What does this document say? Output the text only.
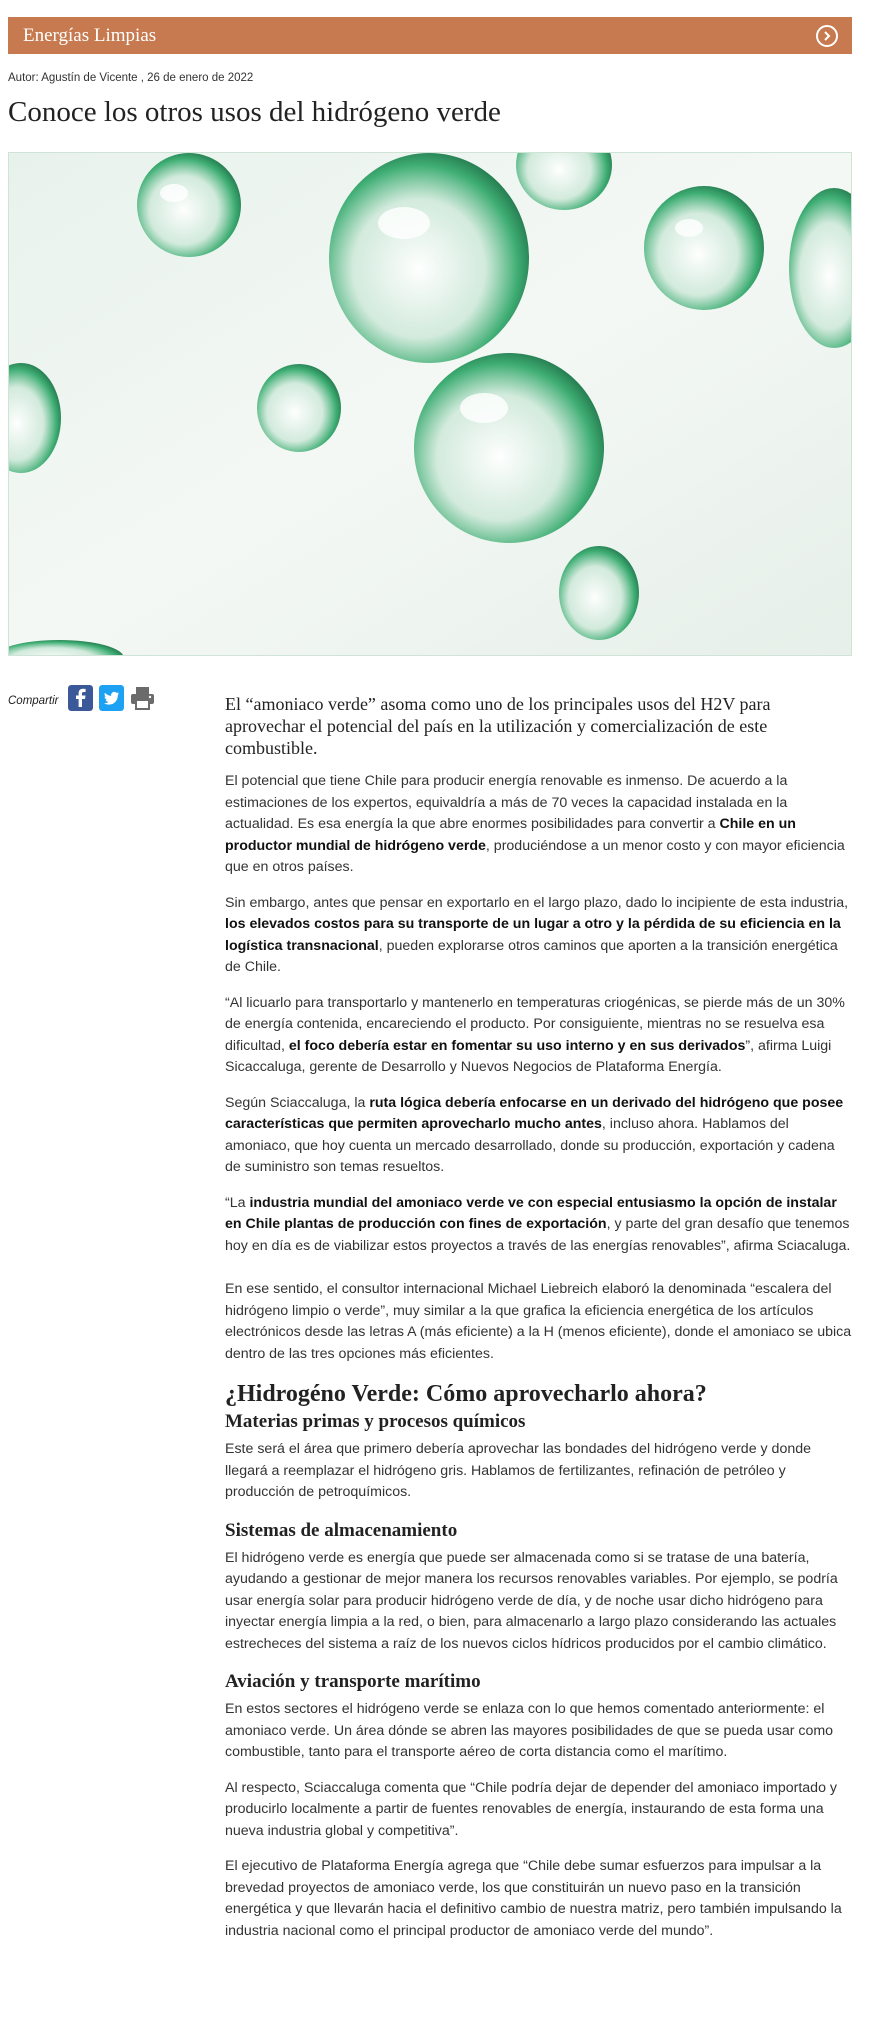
Energías Limpias
Autor: Agustín de Vicente , 26 de enero de 2022
Conoce los otros usos del hidrógeno verde
Compartir	El “amoniaco verde” asoma como uno de los principales usos del H2V para aprovechar el potencial del país en la utilización y comercialización de este combustible.

El potencial que tiene Chile para producir energía renovable es inmenso. De acuerdo a la estimaciones de los expertos, equivaldría a más de 70 veces la capacidad instalada en la actualidad. Es esa energía la que abre enormes posibilidades para convertir a Chile en un productor mundial de hidrógeno verde, produciéndose a un menor costo y con mayor eficiencia que en otros países.

Sin embargo, antes que pensar en exportarlo en el largo plazo, dado lo incipiente de esta industria, los elevados costos para su transporte de un lugar a otro y la pérdida de su eficiencia en la logística transnacional, pueden explorarse otros caminos que aporten a la transición energética de Chile.

“Al licuarlo para transportarlo y mantenerlo en temperaturas criogénicas, se pierde más de un 30% de energía contenida, encareciendo el producto. Por consiguiente, mientras no se resuelva esa dificultad, el foco debería estar en fomentar su uso interno y en sus derivados”, afirma Luigi Sicaccaluga, gerente de Desarrollo y Nuevos Negocios de Plataforma Energía.

Según Sciaccaluga, la ruta lógica debería enfocarse en un derivado del hidrógeno que posee características que permiten aprovecharlo mucho antes, incluso ahora. Hablamos del amoniaco, que hoy cuenta un mercado desarrollado, donde su producción, exportación y cadena de suministro son temas resueltos.

“La industria mundial del amoniaco verde ve con especial entusiasmo la opción de instalar en Chile plantas de producción con fines de exportación, y parte del gran desafío que tenemos hoy en día es de viabilizar estos proyectos a través de las energías renovables”, afirma Sciacaluga.

En ese sentido, el consultor internacional Michael Liebreich elaboró la denominada “escalera del hidrógeno limpio o verde”, muy similar a la que grafica la eficiencia energética de los artículos electrónicos desde las letras A (más eficiente) a la H (menos eficiente), donde el amoniaco se ubica dentro de las tres opciones más eficientes.

¿Hidrogéno Verde: Cómo aprovecharlo ahora?
Materias primas y procesos químicos

Este será el área que primero debería aprovechar las bondades del hidrógeno verde y donde llegará a reemplazar el hidrógeno gris. Hablamos de fertilizantes, refinación de petróleo y producción de petroquímicos.

Sistemas de almacenamiento

El hidrógeno verde es energía que puede ser almacenada como si se tratase de una batería, ayudando a gestionar de mejor manera los recursos renovables variables. Por ejemplo, se podría usar energía solar para producir hidrógeno verde de día, y de noche usar dicho hidrógeno para inyectar energía limpia a la red, o bien, para almacenarlo a largo plazo considerando las actuales estrecheces del sistema a raíz de los nuevos ciclos hídricos producidos por el cambio climático.

Aviación y transporte marítimo

En estos sectores el hidrógeno verde se enlaza con lo que hemos comentado anteriormente: el amoniaco verde. Un área dónde se abren las mayores posibilidades de que se pueda usar como combustible, tanto para el transporte aéreo de corta distancia como el marítimo.

Al respecto, Sciaccaluga comenta que “Chile podría dejar de depender del amoniaco importado y producirlo localmente a partir de fuentes renovables de energía, instaurando de esta forma una nueva industria global y competitiva”.

El ejecutivo de Plataforma Energía agrega que “Chile debe sumar esfuerzos para impulsar a la brevedad proyectos de amoniaco verde, los que constituirán un nuevo paso en la transición energética y que llevarán hacia el definitivo cambio de nuestra matriz, pero también impulsando la industria nacional como el principal productor de amoniaco verde del mundo”.
